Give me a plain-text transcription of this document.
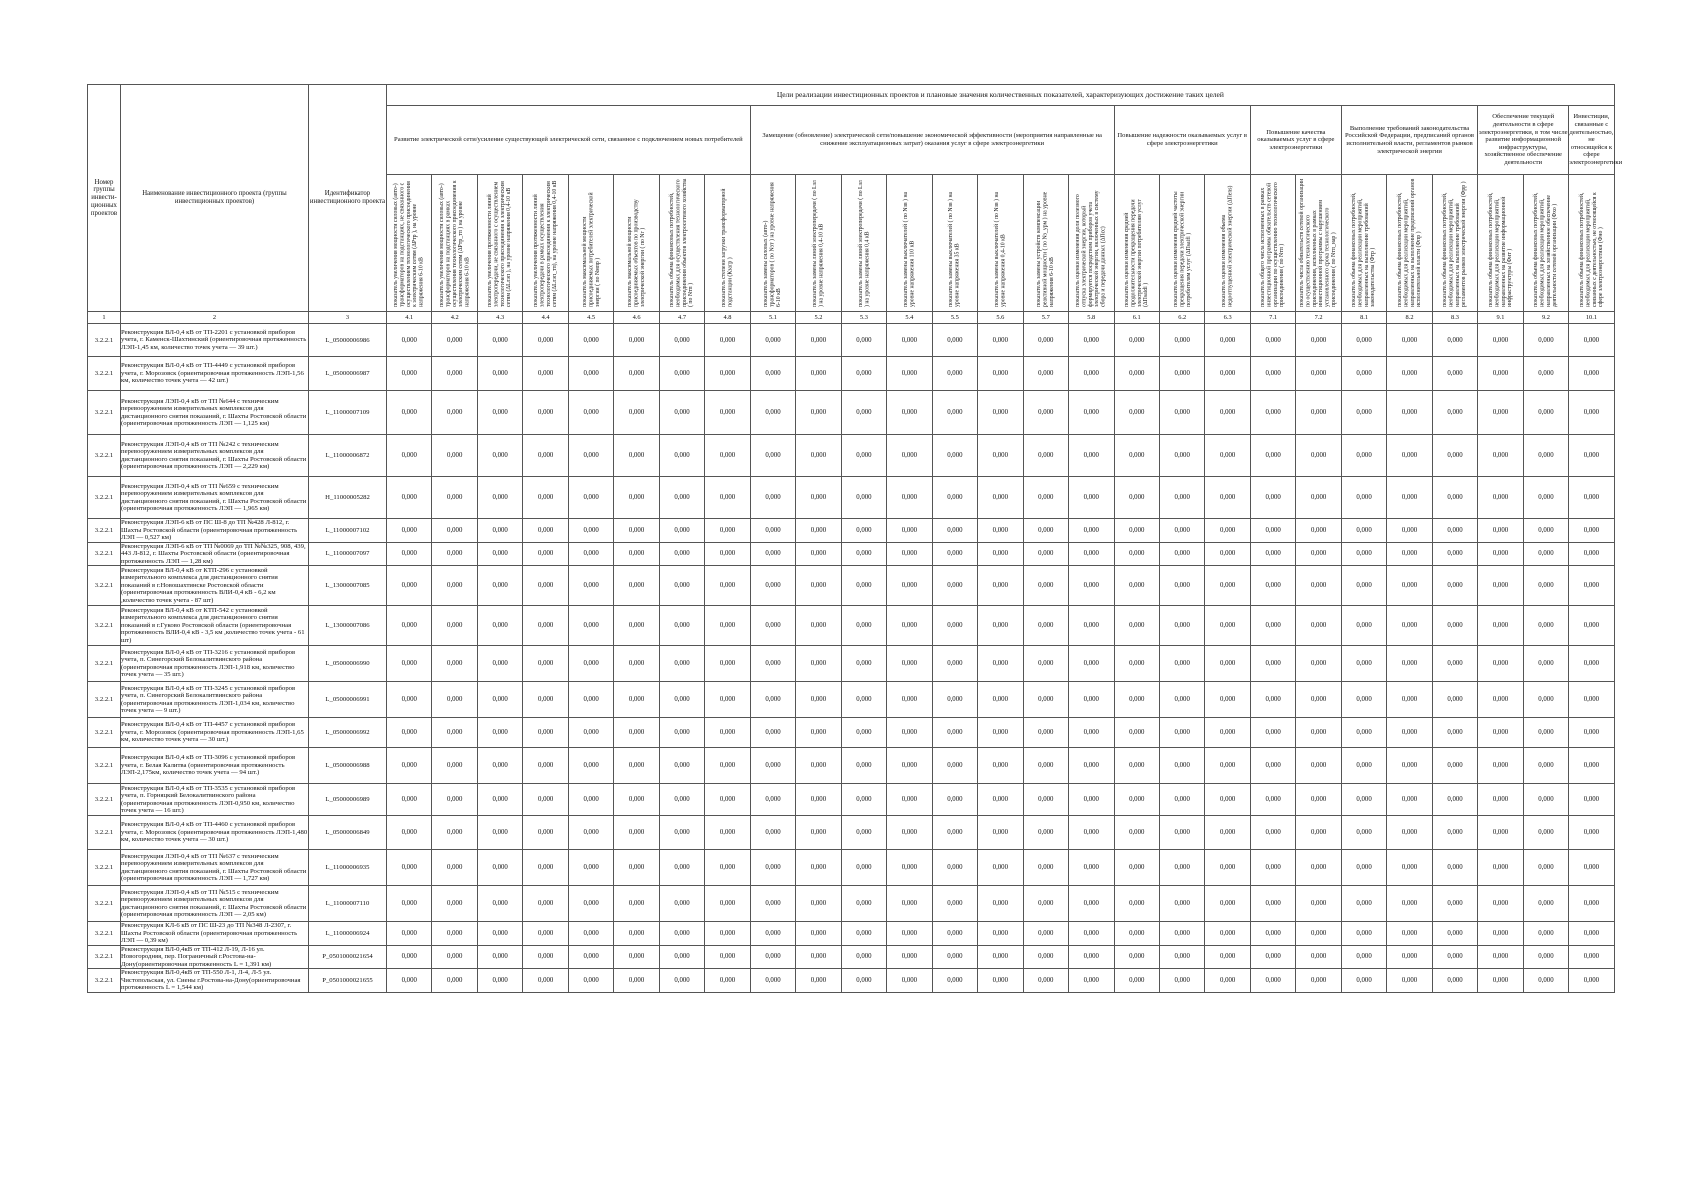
Номер группы инвести-ционных проектов	Наименование инвестиционного проекта (группы инвестиционных проектов)	Идентификатор инвестиционного проекта	Цели реализации инвестиционных проектов и плановые значения количественных показателей, характеризующих достижение таких целей																										
			Развитие электрической сети/усиление существующей электрической сети, связанное с подключением новых потребителей								Замещение (обновление) электрической сети/повышение экономической эффективности (мероприятия направленные на снижение эксплуатационных затрат) оказания услуг в сфере электроэнергетики								Повышение надежности оказываемых услуг в сфере электроэнергетики			Повышение качества оказываемых услуг в сфере электроэнергетики		Выполнение требований законодательства Российской Федерации, предписаний органов исполнительной власти, регламентов рынков электрической энергии			Обеспечение текущей деятельности в сфере электроэнергетики, в том числе развитие информационной инфраструктуры, хозяйственное обеспечение деятельности		Инвестиции, связанные с деятельностью, не относящейся к сфере электроэнергетики
			показатель увеличения мощности силовых (авто-) трансформаторов на подстанциях, не связанного с осуществлением технологического присоединения к электрическим сетям (ΔPтр ), на уровне напряжения 6-10 кВ	показатель увеличения мощности силовых (авто-) трансформаторов на подстанциях в рамках осуществления технологического присоединения к электрическим сетям (ΔPтр_тп ) на уровне напряжения 6-10 кВ	показатель увеличения протяженности линий электропередачи, не связанного с осуществлением технологического присоединения к электрическим сетям (ΔLлэп ), на уровне напряжения 0,4-10 кВ	показатель увеличения протяженности линий электропередачи в рамках осуществления технологического присоединения к электрическим сетям (ΔLлэп_тп), на уровне напряжения 0,4-10 кВ	показатель максимальной мощности присоединяемых потребителей электрической энергии ( по Nмпр )	показатель максимальной мощности присоединяемых объектов по производству электрической энергии ( по Nг )	показатель объема финансовых потребностей, необходимых для осуществления технологического присоединения объектов электросетевого хозяйства ( по Nтп )	показатель степени загрузки трансформаторной подстанции (Кзагр )	показатель замены силовых (авто-) трансформаторов ( по Nзт ) на уровне напряжения 6-10 кВ	показатель замены линий электропередачи ( по Lзл ) на уровне напряжения 0,4-10 кВ	показатель замены линий электропередачи ( по Lзл ) на уровне напряжения 0,4 кВ	показатель замены выключателей ( по Nзв ) на уровне напряжения 110 кВ	показатель замены выключателей ( по Nзв ) на уровне напряжения 35 кВ	показатель замены выключателей ( по Nзв ) на уровне напряжения 0,4-10 кВ	показатель замены устройств компенсации реактивной мощности ( по Nз_урм ) на уровне напряжения 6-10 кВ	показатель оценки изменения доли полезного отпуска электрической энергии, который формируется посредством приборов учета электрической энергии, включенных в систему сбора и передачи данных (ΔПсс)	показатель оценки изменения средней продолжительности прекращения передачи электрической энергии потребителям услуг (ΔПsaidi )	показатель оценки изменения средней частоты прекращения передачи электрической энергии потребителям услуг (ΔПsaifi )	показатель оценки изменения объема недоотпущенной электрической энергии (ΔПens)	показатель общего числа исполненных в рамках инвестиционной программы обязательств сетевой организации по осуществлению технологического присоединения ( по Nтп )	показатель числа обязательств сетевой организации по осуществлению технологического присоединения, исполненных в рамках инвестиционной программы с нарушением установленного срока технологического присоединения ( по Nтп_нар )	показатель объема финансовых потребностей, необходимых для реализации мероприятий, направленных на выполнение требований законодательства (Фтр )	показатель объема финансовых потребностей, необходимых для реализации мероприятий, направленных на выполнение предписаний органов исполнительной власти (Фпр )	показатель объема финансовых потребностей, необходимых для реализации мероприятий, направленных на выполнение требований регламентов рынков электрической энергии (Фрр )	показатель объема финансовых потребностей, необходимых для реализации мероприятий, направленных на развитие информационной инфраструктуры (Фит )	показатель объема финансовых потребностей, необходимых для реализации мероприятий, направленных на хозяйственное обеспечение деятельности сетевой организации (Фхо )	показатель объема финансовых потребностей, необходимых для реализации мероприятий, связанных с деятельностью, не относящейся к сфере электроэнергетики (Фно )
1	2	3	4.1	4.2	4.3	4.4	4.5	4.6	4.7	4.8	5.1	5.2	5.3	5.4	5.5	5.6	5.7	5.8	6.1	6.2	6.3	7.1	7.2	8.1	8.2	8.3	9.1	9.2	10.1
3.2.2.1	Реконструкция ВЛ-0,4 кВ от ТП-2201 с установкой приборов учета, г. Каменск-Шахтинский (ориентировочная протяженность ЛЭП-1,45 км, количество точек учета — 39 шт.)	L_05000006986	0,000	0,000	0,000	0,000	0,000	0,000	0,000	0,000	0,000	0,000	0,000	0,000	0,000	0,000	0,000	0,000	0,000	0,000	0,000	0,000	0,000	0,000	0,000	0,000	0,000	0,000	0,000
3.2.2.1	Реконструкция ВЛ-0,4 кВ от ТП-4449 с установкой приборов учета, г. Морозовск (ориентировочная протяженность ЛЭП-1,56 км, количество точек учета — 42 шт.)	L_05000006987	0,000	0,000	0,000	0,000	0,000	0,000	0,000	0,000	0,000	0,000	0,000	0,000	0,000	0,000	0,000	0,000	0,000	0,000	0,000	0,000	0,000	0,000	0,000	0,000	0,000	0,000	0,000
3.2.2.1	Реконструкция ЛЭП-0,4 кВ от ТП №644 с техническим перевооружением измерительных комплексов для дистанционного снятия показаний, г. Шахты Ростовской области (ориентировочная протяженность ЛЭП — 1,125 км)	L_11000007109	0,000	0,000	0,000	0,000	0,000	0,000	0,000	0,000	0,000	0,000	0,000	0,000	0,000	0,000	0,000	0,000	0,000	0,000	0,000	0,000	0,000	0,000	0,000	0,000	0,000	0,000	0,000
3.2.2.1	Реконструкция ЛЭП-0,4 кВ от ТП №242 с техническим перевооружением измерительных комплексов для дистанционного снятия показаний, г. Шахты Ростовской области (ориентировочная протяженность ЛЭП — 2,229 км)	L_11000006872	0,000	0,000	0,000	0,000	0,000	0,000	0,000	0,000	0,000	0,000	0,000	0,000	0,000	0,000	0,000	0,000	0,000	0,000	0,000	0,000	0,000	0,000	0,000	0,000	0,000	0,000	0,000
3.2.2.1	Реконструкция ЛЭП-0,4 кВ от ТП №659 с техническим перевооружением измерительных комплексов для дистанционного снятия показаний, г. Шахты Ростовской области (ориентировочная протяженность ЛЭП — 1,965 км)	H_11000005282	0,000	0,000	0,000	0,000	0,000	0,000	0,000	0,000	0,000	0,000	0,000	0,000	0,000	0,000	0,000	0,000	0,000	0,000	0,000	0,000	0,000	0,000	0,000	0,000	0,000	0,000	0,000
3.2.2.1	Реконструкция ЛЭП-6 кВ от ПС Ш-8 до ТП №428 Л-812, г. Шахты Ростовской области (ориентировочная протяженность ЛЭП — 0,527 км)	L_11000007102	0,000	0,000	0,000	0,000	0,000	0,000	0,000	0,000	0,000	0,000	0,000	0,000	0,000	0,000	0,000	0,000	0,000	0,000	0,000	0,000	0,000	0,000	0,000	0,000	0,000	0,000	0,000
3.2.2.1	Реконструкция ЛЭП-6 кВ от ТП №0069 до ТП №№325, 908, 439, 443 Л-812, г. Шахты Ростовской области (ориентировочная протяженность ЛЭП — 1,28 км)	L_11000007097	0,000	0,000	0,000	0,000	0,000	0,000	0,000	0,000	0,000	0,000	0,000	0,000	0,000	0,000	0,000	0,000	0,000	0,000	0,000	0,000	0,000	0,000	0,000	0,000	0,000	0,000	0,000
3.2.2.1	Реконструкция ВЛ-0,4 кВ от КТП-296 с установкой измерительного комплекса для дистанционного снятия показаний в г.Новошахтинске Ростовской области (ориентировочная протяженность ВЛИ-0,4 кВ - 6,2 км ,количество точек учета - 87 шт)	L_13000007085	0,000	0,000	0,000	0,000	0,000	0,000	0,000	0,000	0,000	0,000	0,000	0,000	0,000	0,000	0,000	0,000	0,000	0,000	0,000	0,000	0,000	0,000	0,000	0,000	0,000	0,000	0,000
3.2.2.1	Реконструкция ВЛ-0,4 кВ от КТП-542 с установкой измерительного комплекса для дистанционного снятия показаний в г.Гуково Ростовской области (ориентировочная протяженность ВЛИ-0,4 кВ - 3,5 км ,количество точек учета - 61 шт)	L_13000007086	0,000	0,000	0,000	0,000	0,000	0,000	0,000	0,000	0,000	0,000	0,000	0,000	0,000	0,000	0,000	0,000	0,000	0,000	0,000	0,000	0,000	0,000	0,000	0,000	0,000	0,000	0,000
3.2.2.1	Реконструкция ВЛ-0,4 кВ от ТП-3216 с установкой приборов учета, п. Синегорский Белокалитвинского района (ориентировочная протяженность ЛЭП-1,918 км, количество точек учета — 35 шт.)	L_05000006990	0,000	0,000	0,000	0,000	0,000	0,000	0,000	0,000	0,000	0,000	0,000	0,000	0,000	0,000	0,000	0,000	0,000	0,000	0,000	0,000	0,000	0,000	0,000	0,000	0,000	0,000	0,000
3.2.2.1	Реконструкция ВЛ-0,4 кВ от ТП-3245 с установкой приборов учета, п. Синегорский Белокалитвинского района (ориентировочная протяженность ЛЭП-1,034 км, количество точек учета — 9 шт.)	L_05000006991	0,000	0,000	0,000	0,000	0,000	0,000	0,000	0,000	0,000	0,000	0,000	0,000	0,000	0,000	0,000	0,000	0,000	0,000	0,000	0,000	0,000	0,000	0,000	0,000	0,000	0,000	0,000
3.2.2.1	Реконструкция ВЛ-0,4 кВ от ТП-4457 с установкой приборов учета, г. Морозовск (ориентировочная протяженность ЛЭП-1,65 км, количество точек учета — 30 шт.)	L_05000006992	0,000	0,000	0,000	0,000	0,000	0,000	0,000	0,000	0,000	0,000	0,000	0,000	0,000	0,000	0,000	0,000	0,000	0,000	0,000	0,000	0,000	0,000	0,000	0,000	0,000	0,000	0,000
3.2.2.1	Реконструкция ВЛ-0,4 кВ от ТП-3096 с установкой приборов учета, г. Белая Калитва (ориентировочная протяженность ЛЭП-2,175км, количество точек учета — 94 шт.)	L_05000006988	0,000	0,000	0,000	0,000	0,000	0,000	0,000	0,000	0,000	0,000	0,000	0,000	0,000	0,000	0,000	0,000	0,000	0,000	0,000	0,000	0,000	0,000	0,000	0,000	0,000	0,000	0,000
3.2.2.1	Реконструкция ВЛ-0,4 кВ от ТП-3535 с установкой приборов учета, п. Горняцкий Белокалитвинского района (ориентировочная протяженность ЛЭП-0,950 км, количество точек учета — 16 шт.)	L_05000006989	0,000	0,000	0,000	0,000	0,000	0,000	0,000	0,000	0,000	0,000	0,000	0,000	0,000	0,000	0,000	0,000	0,000	0,000	0,000	0,000	0,000	0,000	0,000	0,000	0,000	0,000	0,000
3.2.2.1	Реконструкция ВЛ-0,4 кВ от ТП-4460 с установкой приборов учета, г. Морозовск (ориентировочная протяженность ЛЭП-1,480 км, количество точек учета — 30 шт.)	L_05000006849	0,000	0,000	0,000	0,000	0,000	0,000	0,000	0,000	0,000	0,000	0,000	0,000	0,000	0,000	0,000	0,000	0,000	0,000	0,000	0,000	0,000	0,000	0,000	0,000	0,000	0,000	0,000
3.2.2.1	Реконструкция ЛЭП-0,4 кВ от ТП №637 с техническим перевооружением измерительных комплексов для дистанционного снятия показаний, г. Шахты Ростовской области (ориентировочная протяженность ЛЭП — 1,727 км)	L_11000006935	0,000	0,000	0,000	0,000	0,000	0,000	0,000	0,000	0,000	0,000	0,000	0,000	0,000	0,000	0,000	0,000	0,000	0,000	0,000	0,000	0,000	0,000	0,000	0,000	0,000	0,000	0,000
3.2.2.1	Реконструкция ЛЭП-0,4 кВ от ТП №515 с техническим перевооружением измерительных комплексов для дистанционного снятия показаний, г. Шахты Ростовской области (ориентировочная протяженность ЛЭП — 2,05 км)	L_11000007110	0,000	0,000	0,000	0,000	0,000	0,000	0,000	0,000	0,000	0,000	0,000	0,000	0,000	0,000	0,000	0,000	0,000	0,000	0,000	0,000	0,000	0,000	0,000	0,000	0,000	0,000	0,000
3.2.2.1	Реконструкция КЛ-6 кВ от ПС Ш-23 до ТП №348 Л-2307, г. Шахты Ростовской области (ориентировочная протяженность ЛЭП — 0,39 км)	L_11000006924	0,000	0,000	0,000	0,000	0,000	0,000	0,000	0,000	0,000	0,000	0,000	0,000	0,000	0,000	0,000	0,000	0,000	0,000	0,000	0,000	0,000	0,000	0,000	0,000	0,000	0,000	0,000
3.2.2.1	Реконструкция ВЛ-0,4кВ от ТП-412 Л-19, Л-16 ул. Новогородняя, пер. Пограничный г.Ростова-на-Дону(ориентировочная протяженность L = 1,391 км)	P_0501000021654	0,000	0,000	0,000	0,000	0,000	0,000	0,000	0,000	0,000	0,000	0,000	0,000	0,000	0,000	0,000	0,000	0,000	0,000	0,000	0,000	0,000	0,000	0,000	0,000	0,000	0,000	0,000
3.2.2.1	Реконструкция ВЛ-0,4кВ от ТП-550 Л-1, Л-4, Л-5 ул. Чистопольская, ул. Сиены г.Ростова-на-Дону(ориентировочная протяженность L = 1,544 км)	P_0501000021655	0,000	0,000	0,000	0,000	0,000	0,000	0,000	0,000	0,000	0,000	0,000	0,000	0,000	0,000	0,000	0,000	0,000	0,000	0,000	0,000	0,000	0,000	0,000	0,000	0,000	0,000	0,000
